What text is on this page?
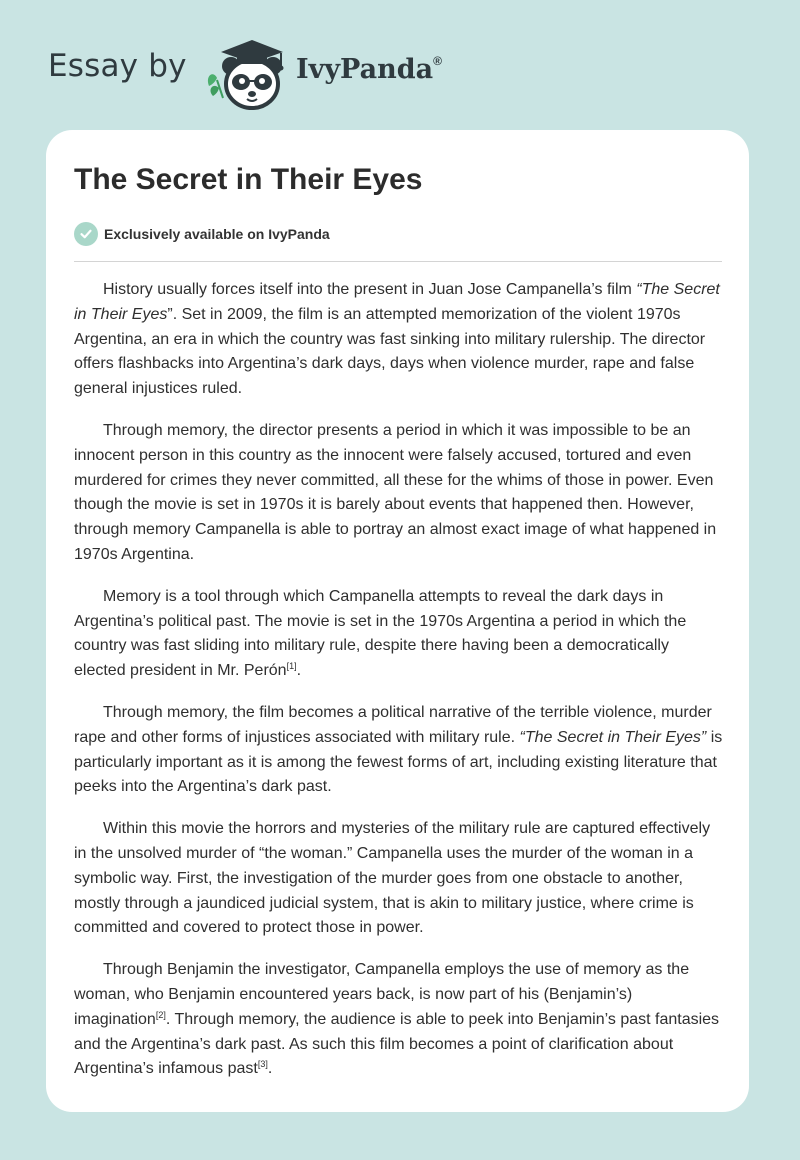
Essay by	IvyPanda®
The Secret in Their Eyes
Exclusively available on IvyPanda

History usually forces itself into the present in Juan Jose Campanella’s film “The Secret in Their Eyes”. Set in 2009, the film is an attempted memorization of the violent 1970s Argentina, an era in which the country was fast sinking into military rulership. The director offers flashbacks into Argentina’s dark days, days when violence murder, rape and false general injustices ruled.

Through memory, the director presents a period in which it was impossible to be an innocent person in this country as the innocent were falsely accused, tortured and even murdered for crimes they never committed, all these for the whims of those in power. Even though the movie is set in 1970s it is barely about events that happened then. However, through memory Campanella is able to portray an almost exact image of what happened in 1970s Argentina.

Memory is a tool through which Campanella attempts to reveal the dark days in Argentina’s political past. The movie is set in the 1970s Argentina a period in which the country was fast sliding into military rule, despite there having been a democratically elected president in Mr. Perón[1].

Through memory, the film becomes a political narrative of the terrible violence, murder rape and other forms of injustices associated with military rule. “The Secret in Their Eyes” is particularly important as it is among the fewest forms of art, including existing literature that peeks into the Argentina’s dark past.

Within this movie the horrors and mysteries of the military rule are captured effectively in the unsolved murder of “the woman.” Campanella uses the murder of the woman in a symbolic way. First, the investigation of the murder goes from one obstacle to another, mostly through a jaundiced judicial system, that is akin to military justice, where crime is committed and covered to protect those in power.

Through Benjamin the investigator, Campanella employs the use of memory as the woman, who Benjamin encountered years back, is now part of his (Benjamin’s) imagination[2]. Through memory, the audience is able to peek into Benjamin’s past fantasies and the Argentina’s dark past. As such this film becomes a point of clarification about Argentina’s infamous past[3].
